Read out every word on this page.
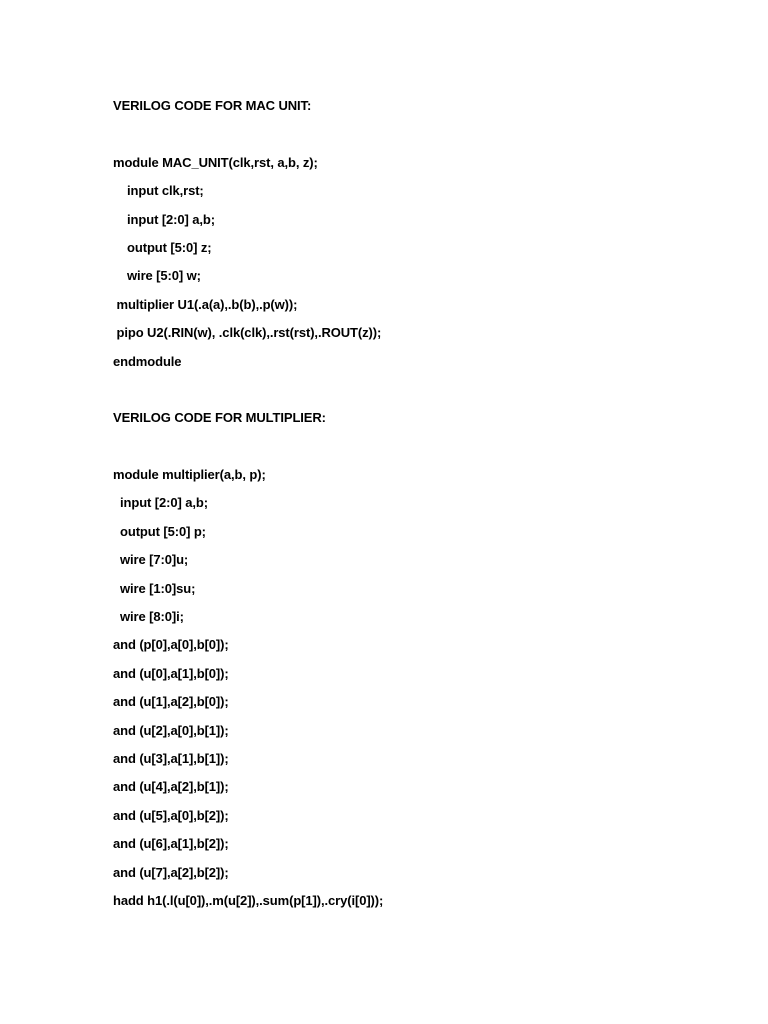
VERILOG CODE FOR MAC UNIT:
module MAC_UNIT(clk,rst, a,b, z);
input clk,rst;
input [2:0] a,b;
output [5:0] z;
wire [5:0] w;
multiplier U1(.a(a),.b(b),.p(w));
pipo U2(.RIN(w), .clk(clk),.rst(rst),.ROUT(z));
endmodule
VERILOG CODE FOR MULTIPLIER:
module multiplier(a,b, p);
input [2:0] a,b;
output [5:0] p;
wire [7:0]u;
wire [1:0]su;
wire [8:0]i;
and (p[0],a[0],b[0]);
and (u[0],a[1],b[0]);
and (u[1],a[2],b[0]);
and (u[2],a[0],b[1]);
and (u[3],a[1],b[1]);
and (u[4],a[2],b[1]);
and (u[5],a[0],b[2]);
and (u[6],a[1],b[2]);
and (u[7],a[2],b[2]);
hadd h1(.l(u[0]),.m(u[2]),.sum(p[1]),.cry(i[0]));
